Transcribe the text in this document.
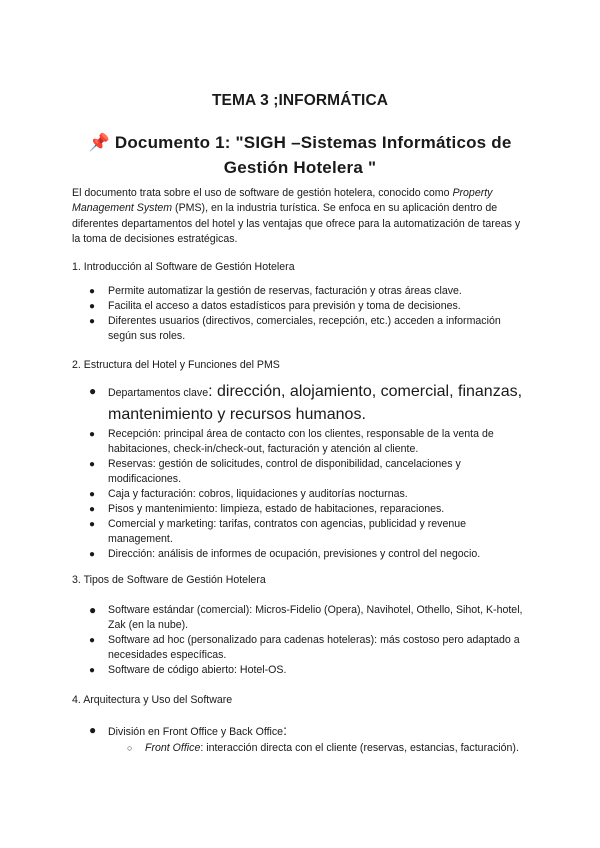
TEMA 3 ;INFORMÁTICA
📌 Documento 1: "SIGH –Sistemas Informáticos de
Gestión Hotelera "
El documento trata sobre el uso de software de gestión hotelera, conocido como Property Management System (PMS), en la industria turística. Se enfoca en su aplicación dentro de diferentes departamentos del hotel y las ventajas que ofrece para la automatización de tareas y la toma de decisiones estratégicas.
1. Introducción al Software de Gestión Hotelera
● Permite automatizar la gestión de reservas, facturación y otras áreas clave.
● Facilita el acceso a datos estadísticos para previsión y toma de decisiones.
● Diferentes usuarios (directivos, comerciales, recepción, etc.) acceden a información según sus roles.
2. Estructura del Hotel y Funciones del PMS
● Departamentos clave: dirección, alojamiento, comercial, finanzas, mantenimiento y recursos humanos.
● Recepción: principal área de contacto con los clientes, responsable de la venta de habitaciones, check-in/check-out, facturación y atención al cliente.
● Reservas: gestión de solicitudes, control de disponibilidad, cancelaciones y modificaciones.
● Caja y facturación: cobros, liquidaciones y auditorías nocturnas.
● Pisos y mantenimiento: limpieza, estado de habitaciones, reparaciones.
● Comercial y marketing: tarifas, contratos con agencias, publicidad y revenue management.
● Dirección: análisis de informes de ocupación, previsiones y control del negocio.
3. Tipos de Software de Gestión Hotelera
● Software estándar (comercial): Micros-Fidelio (Opera), Navihotel, Othello, Sihot, K-hotel, Zak (en la nube).
● Software ad hoc (personalizado para cadenas hoteleras): más costoso pero adaptado a necesidades específicas.
● Software de código abierto: Hotel-OS.
4. Arquitectura y Uso del Software
● División en Front Office y Back Office:
○ Front Office: interacción directa con el cliente (reservas, estancias, facturación).
